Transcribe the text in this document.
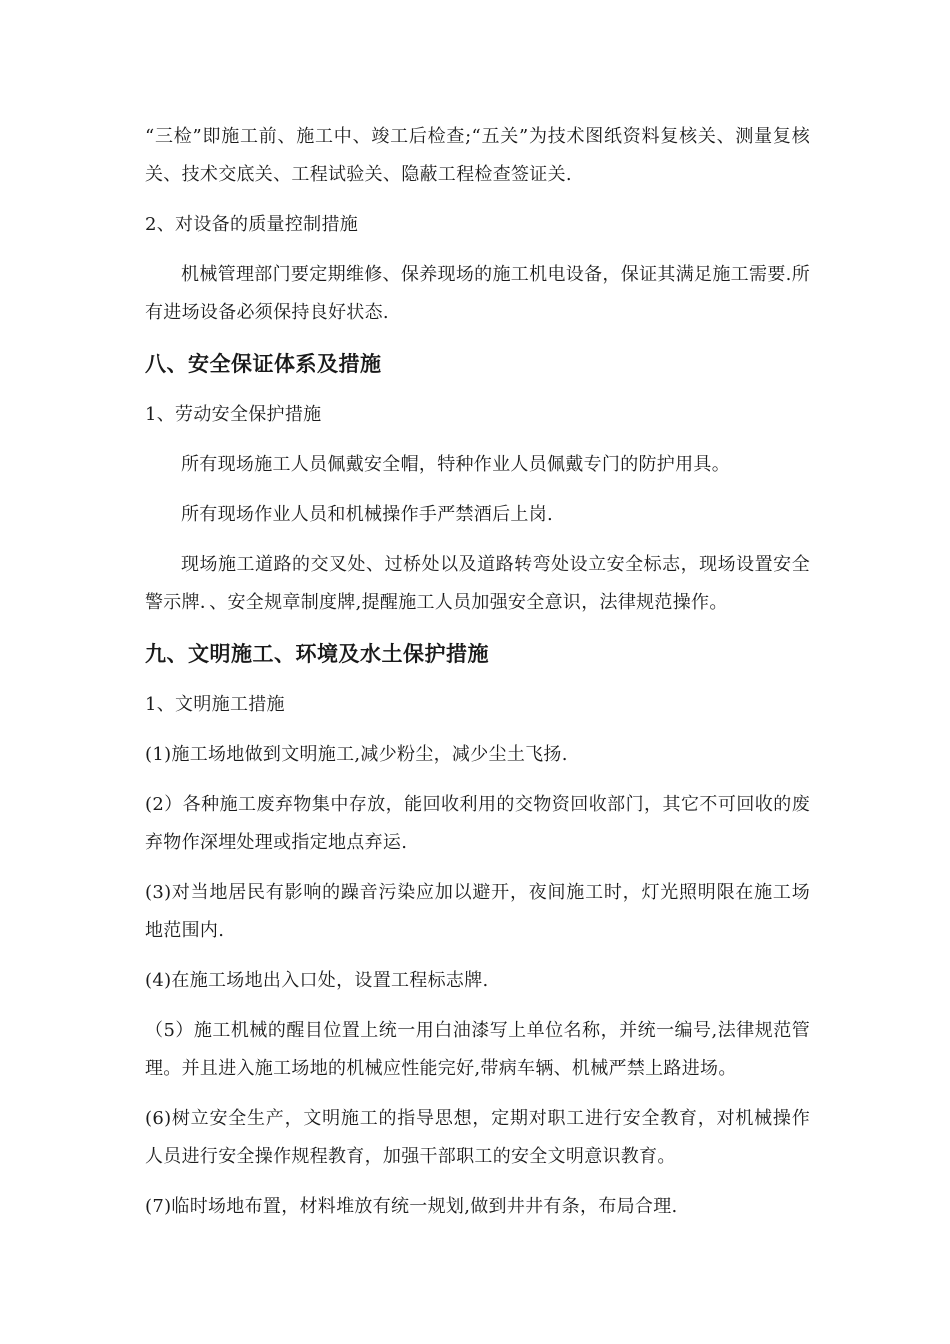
“三检”即施工前、施工中、竣工后检查;“五关”为技术图纸资料复核关、测量复核关、技术交底关、工程试验关、隐蔽工程检查签证关.

2、对设备的质量控制措施

机械管理部门要定期维修、保养现场的施工机电设备，保证其满足施工需要.所有进场设备必须保持良好状态.

八、安全保证体系及措施

1、劳动安全保护措施

所有现场施工人员佩戴安全帽，特种作业人员佩戴专门的防护用具。

所有现场作业人员和机械操作手严禁酒后上岗.

现场施工道路的交叉处、过桥处以及道路转弯处设立安全标志，现场设置安全警示牌．、安全规章制度牌,提醒施工人员加强安全意识，法律规范操作。

九、文明施工、环境及水土保护措施

1、文明施工措施

(1)施工场地做到文明施工,减少粉尘，减少尘土飞扬.

(2）各种施工废弃物集中存放，能回收利用的交物资回收部门，其它不可回收的废弃物作深埋处理或指定地点弃运.

(3)对当地居民有影响的躁音污染应加以避开，夜间施工时，灯光照明限在施工场地范围内.

(4)在施工场地出入口处，设置工程标志牌.

（5）施工机械的醒目位置上统一用白油漆写上单位名称，并统一编号,法律规范管理。并且进入施工场地的机械应性能完好,带病车辆、机械严禁上路进场。

(6)树立安全生产，文明施工的指导思想，定期对职工进行安全教育，对机械操作人员进行安全操作规程教育，加强干部职工的安全文明意识教育。

(7)临时场地布置，材料堆放有统一规划,做到井井有条，布局合理.
